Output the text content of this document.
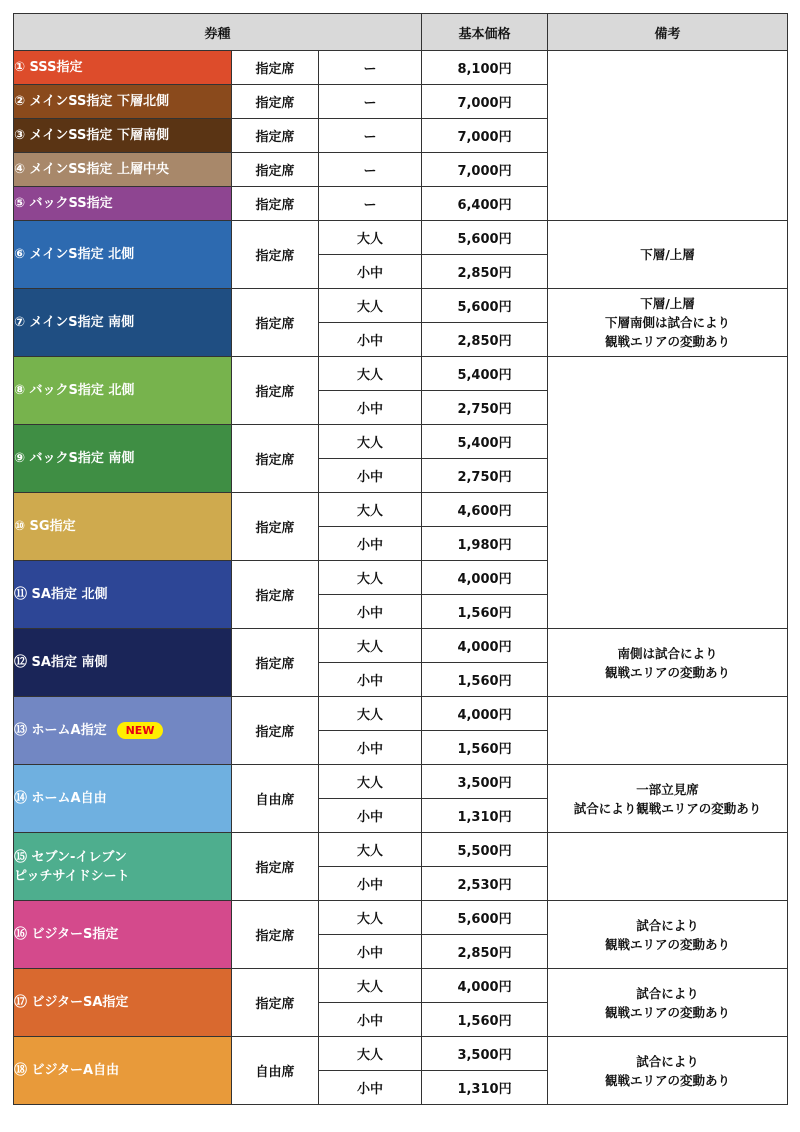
券種			基本価格	備考
① SSS指定	指定席	ー	8,100円	
② メインSS指定 下層北側	指定席	ー	7,000円	
③ メインSS指定 下層南側	指定席	ー	7,000円	
④ メインSS指定 上層中央	指定席	ー	7,000円	
⑤ バックSS指定	指定席	ー	6,400円	
⑥ メインS指定 北側	指定席	大人	5,600円	下層/上層
		小中	2,850円	
⑦ メインS指定 南側	指定席	大人	5,600円	下層/上層
下層南側は試合により
観戦エリアの変動あり
		小中	2,850円	
⑧ バックS指定 北側	指定席	大人	5,400円	
		小中	2,750円	
⑨ バックS指定 南側	指定席	大人	5,400円	
		小中	2,750円	
⑩ SG指定	指定席	大人	4,600円	
		小中	1,980円	
⑪ SA指定 北側	指定席	大人	4,000円	
		小中	1,560円	
⑫ SA指定 南側	指定席	大人	4,000円	南側は試合により
観戦エリアの変動あり
		小中	1,560円	
⑬ ホームA指定 NEW	指定席	大人	4,000円	
		小中	1,560円	
⑭ ホームA自由	自由席	大人	3,500円	一部立見席
試合により観戦エリアの変動あり
		小中	1,310円	
⑮ セブン-イレブン
ピッチサイドシート	指定席	大人	5,500円	
		小中	2,530円	
⑯ ビジターS指定	指定席	大人	5,600円	試合により
観戦エリアの変動あり
		小中	2,850円	
⑰ ビジターSA指定	指定席	大人	4,000円	試合により
観戦エリアの変動あり
		小中	1,560円	
⑱ ビジターA自由	自由席	大人	3,500円	試合により
観戦エリアの変動あり
		小中	1,310円	
